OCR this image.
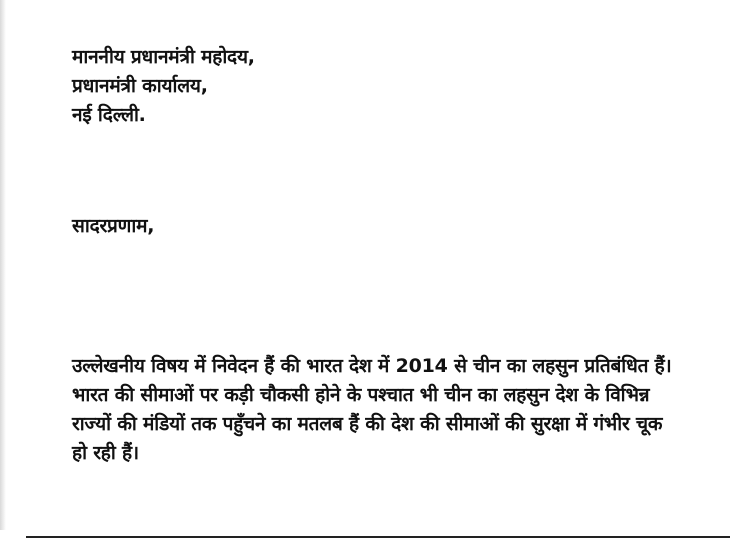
माननीय प्रधानमंत्री महोदय,
प्रधानमंत्री कार्यालय,
नई दिल्ली.
सादरप्रणाम,

उल्लेखनीय विषय में निवेदन हैं की भारत देश में 2014 से चीन का लहसुन प्रतिबंधित हैं।

भारत की सीमाओं पर कड़ी चौकसी होने के पश्चात भी चीन का लहसुन देश के विभिन्न राज्यों की मंडियों तक पहुँचने का मतलब हैं की देश की सीमाओं की सुरक्षा में गंभीर चूक हो रही हैं।
